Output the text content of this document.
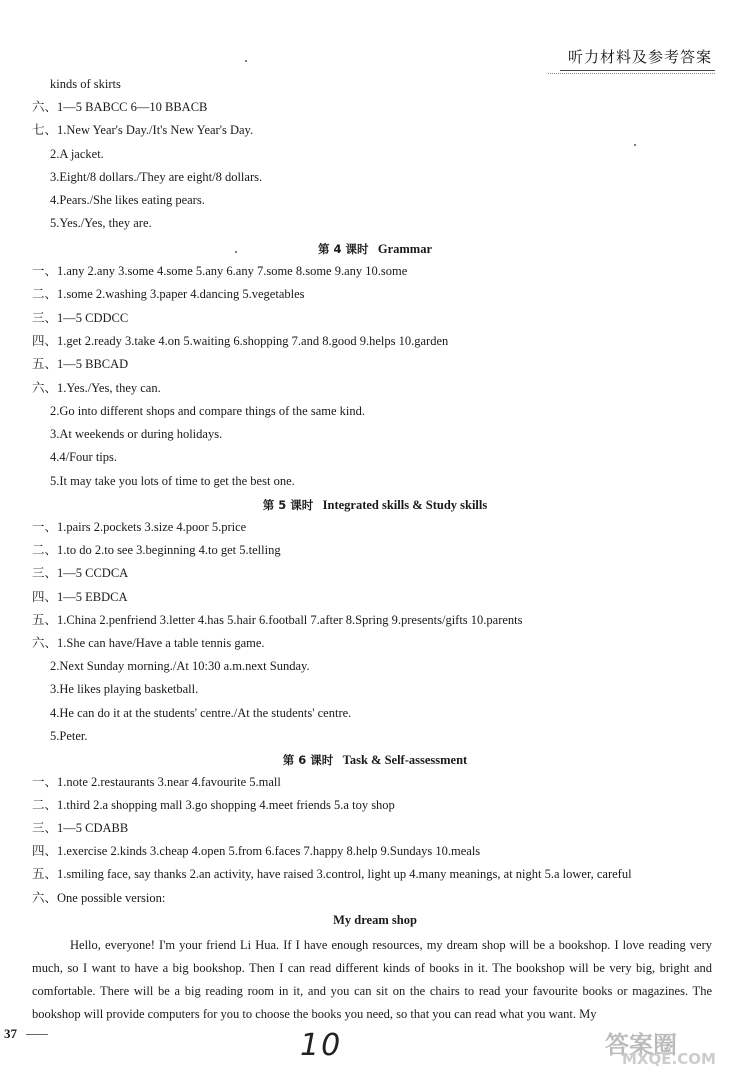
听力材料及参考答案
kinds of skirts
六、1—5 BABCC 6—10 BBACB
七、1.New Year's Day./It's New Year's Day.
2.A jacket.
3.Eight/8 dollars./They are eight/8 dollars.
4.Pears./She likes eating pears.
5.Yes./Yes, they are.
第 4 课时 Grammar
一、1.any 2.any 3.some 4.some 5.any 6.any 7.some 8.some 9.any 10.some
二、1.some 2.washing 3.paper 4.dancing 5.vegetables
三、1—5 CDDCC
四、1.get 2.ready 3.take 4.on 5.waiting 6.shopping 7.and 8.good 9.helps 10.garden
五、1—5 BBCAD
六、1.Yes./Yes, they can.
2.Go into different shops and compare things of the same kind.
3.At weekends or during holidays.
4.4/Four tips.
5.It may take you lots of time to get the best one.
第 5 课时 Integrated skills & Study skills
一、1.pairs 2.pockets 3.size 4.poor 5.price
二、1.to do 2.to see 3.beginning 4.to get 5.telling
三、1—5 CCDCA
四、1—5 EBDCA
五、1.China 2.penfriend 3.letter 4.has 5.hair 6.football 7.after 8.Spring 9.presents/gifts 10.parents
六、1.She can have/Have a table tennis game.
2.Next Sunday morning./At 10:30 a.m.next Sunday.
3.He likes playing basketball.
4.He can do it at the students' centre./At the students' centre.
5.Peter.
第 6 课时 Task & Self-assessment
一、1.note 2.restaurants 3.near 4.favourite 5.mall
二、1.third 2.a shopping mall 3.go shopping 4.meet friends 5.a toy shop
三、1—5 CDABB
四、1.exercise 2.kinds 3.cheap 4.open 5.from 6.faces 7.happy 8.help 9.Sundays 10.meals
五、1.smiling face, say thanks 2.an activity, have raised 3.control, light up 4.many meanings, at night 5.a lower, careful
六、One possible version:
My dream shop

Hello, everyone! I'm your friend Li Hua. If I have enough resources, my dream shop will be a bookshop. I love reading very much, so I want to have a big bookshop. Then I can read different kinds of books in it. The bookshop will be very big, bright and comfortable. There will be a big reading room in it, and you can sit on the chairs to read your favourite books or magazines. The bookshop will provide computers for you to choose the books you need, so that you can read what you want. My

37	10	答案圈
MXQE.COM
